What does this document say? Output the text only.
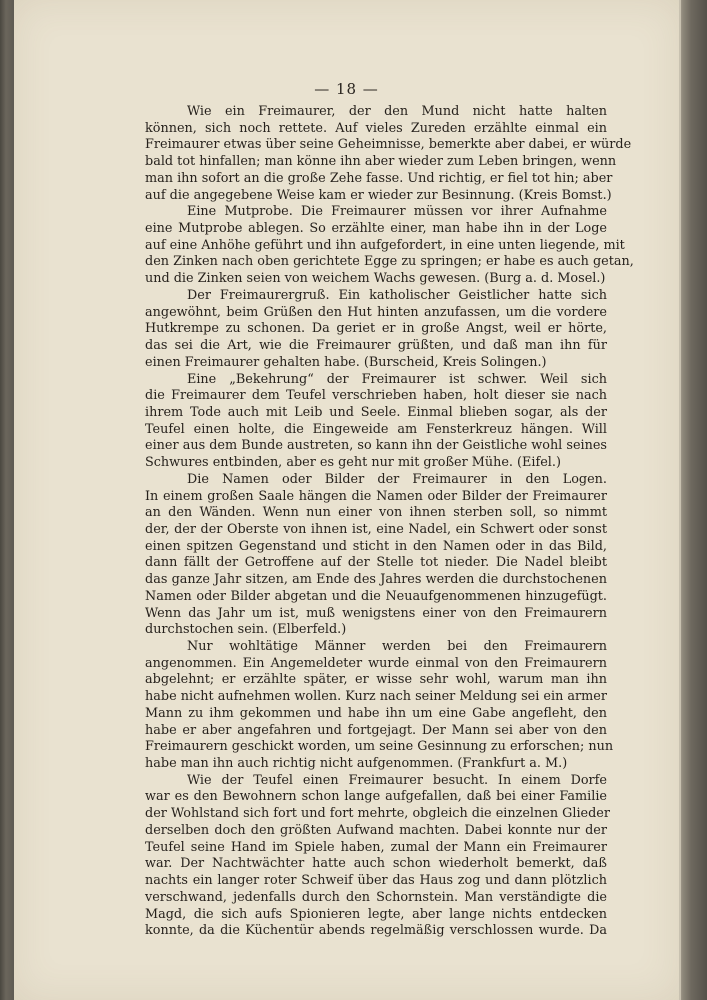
— 18 —
Wie ein Freimaurer, der den Mund nicht hatte halten
können, sich noch rettete. Auf vieles Zureden erzählte einmal ein
Freimaurer etwas über seine Geheimnisse, bemerkte aber dabei, er würde
bald tot hinfallen; man könne ihn aber wieder zum Leben bringen, wenn
man ihn sofort an die große Zehe fasse. Und richtig, er fiel tot hin; aber
auf die angegebene Weise kam er wieder zur Besinnung. (Kreis Bomst.)
Eine Mutprobe. Die Freimaurer müssen vor ihrer Aufnahme
eine Mutprobe ablegen. So erzählte einer, man habe ihn in der Loge
auf eine Anhöhe geführt und ihn aufgefordert, in eine unten liegende, mit
den Zinken nach oben gerichtete Egge zu springen; er habe es auch getan,
und die Zinken seien von weichem Wachs gewesen. (Burg a. d. Mosel.)
Der Freimaurergruß. Ein katholischer Geistlicher hatte sich
angewöhnt, beim Grüßen den Hut hinten anzufassen, um die vordere
Hutkrempe zu schonen. Da geriet er in große Angst, weil er hörte,
das sei die Art, wie die Freimaurer grüßten, und daß man ihn für
einen Freimaurer gehalten habe. (Burscheid, Kreis Solingen.)
Eine „Bekehrung“ der Freimaurer ist schwer. Weil sich
die Freimaurer dem Teufel verschrieben haben, holt dieser sie nach
ihrem Tode auch mit Leib und Seele. Einmal blieben sogar, als der
Teufel einen holte, die Eingeweide am Fensterkreuz hängen. Will
einer aus dem Bunde austreten, so kann ihn der Geistliche wohl seines
Schwures entbinden, aber es geht nur mit großer Mühe. (Eifel.)
Die Namen oder Bilder der Freimaurer in den Logen.
In einem großen Saale hängen die Namen oder Bilder der Freimaurer
an den Wänden. Wenn nun einer von ihnen sterben soll, so nimmt
der, der der Oberste von ihnen ist, eine Nadel, ein Schwert oder sonst
einen spitzen Gegenstand und sticht in den Namen oder in das Bild,
dann fällt der Getroffene auf der Stelle tot nieder. Die Nadel bleibt
das ganze Jahr sitzen, am Ende des Jahres werden die durchstochenen
Namen oder Bilder abgetan und die Neuaufgenommenen hinzugefügt.
Wenn das Jahr um ist, muß wenigstens einer von den Freimaurern
durchstochen sein. (Elberfeld.)
Nur wohltätige Männer werden bei den Freimaurern
angenommen. Ein Angemeldeter wurde einmal von den Freimaurern
abgelehnt; er erzählte später, er wisse sehr wohl, warum man ihn
habe nicht aufnehmen wollen. Kurz nach seiner Meldung sei ein armer
Mann zu ihm gekommen und habe ihn um eine Gabe angefleht, den
habe er aber angefahren und fortgejagt. Der Mann sei aber von den
Freimaurern geschickt worden, um seine Gesinnung zu erforschen; nun
habe man ihn auch richtig nicht aufgenommen. (Frankfurt a. M.)
Wie der Teufel einen Freimaurer besucht. In einem Dorfe
war es den Bewohnern schon lange aufgefallen, daß bei einer Familie
der Wohlstand sich fort und fort mehrte, obgleich die einzelnen Glieder
derselben doch den größten Aufwand machten. Dabei konnte nur der
Teufel seine Hand im Spiele haben, zumal der Mann ein Freimaurer
war. Der Nachtwächter hatte auch schon wiederholt bemerkt, daß
nachts ein langer roter Schweif über das Haus zog und dann plötzlich
verschwand, jedenfalls durch den Schornstein. Man verständigte die
Magd, die sich aufs Spionieren legte, aber lange nichts entdecken
konnte, da die Küchentür abends regelmäßig verschlossen wurde. Da
